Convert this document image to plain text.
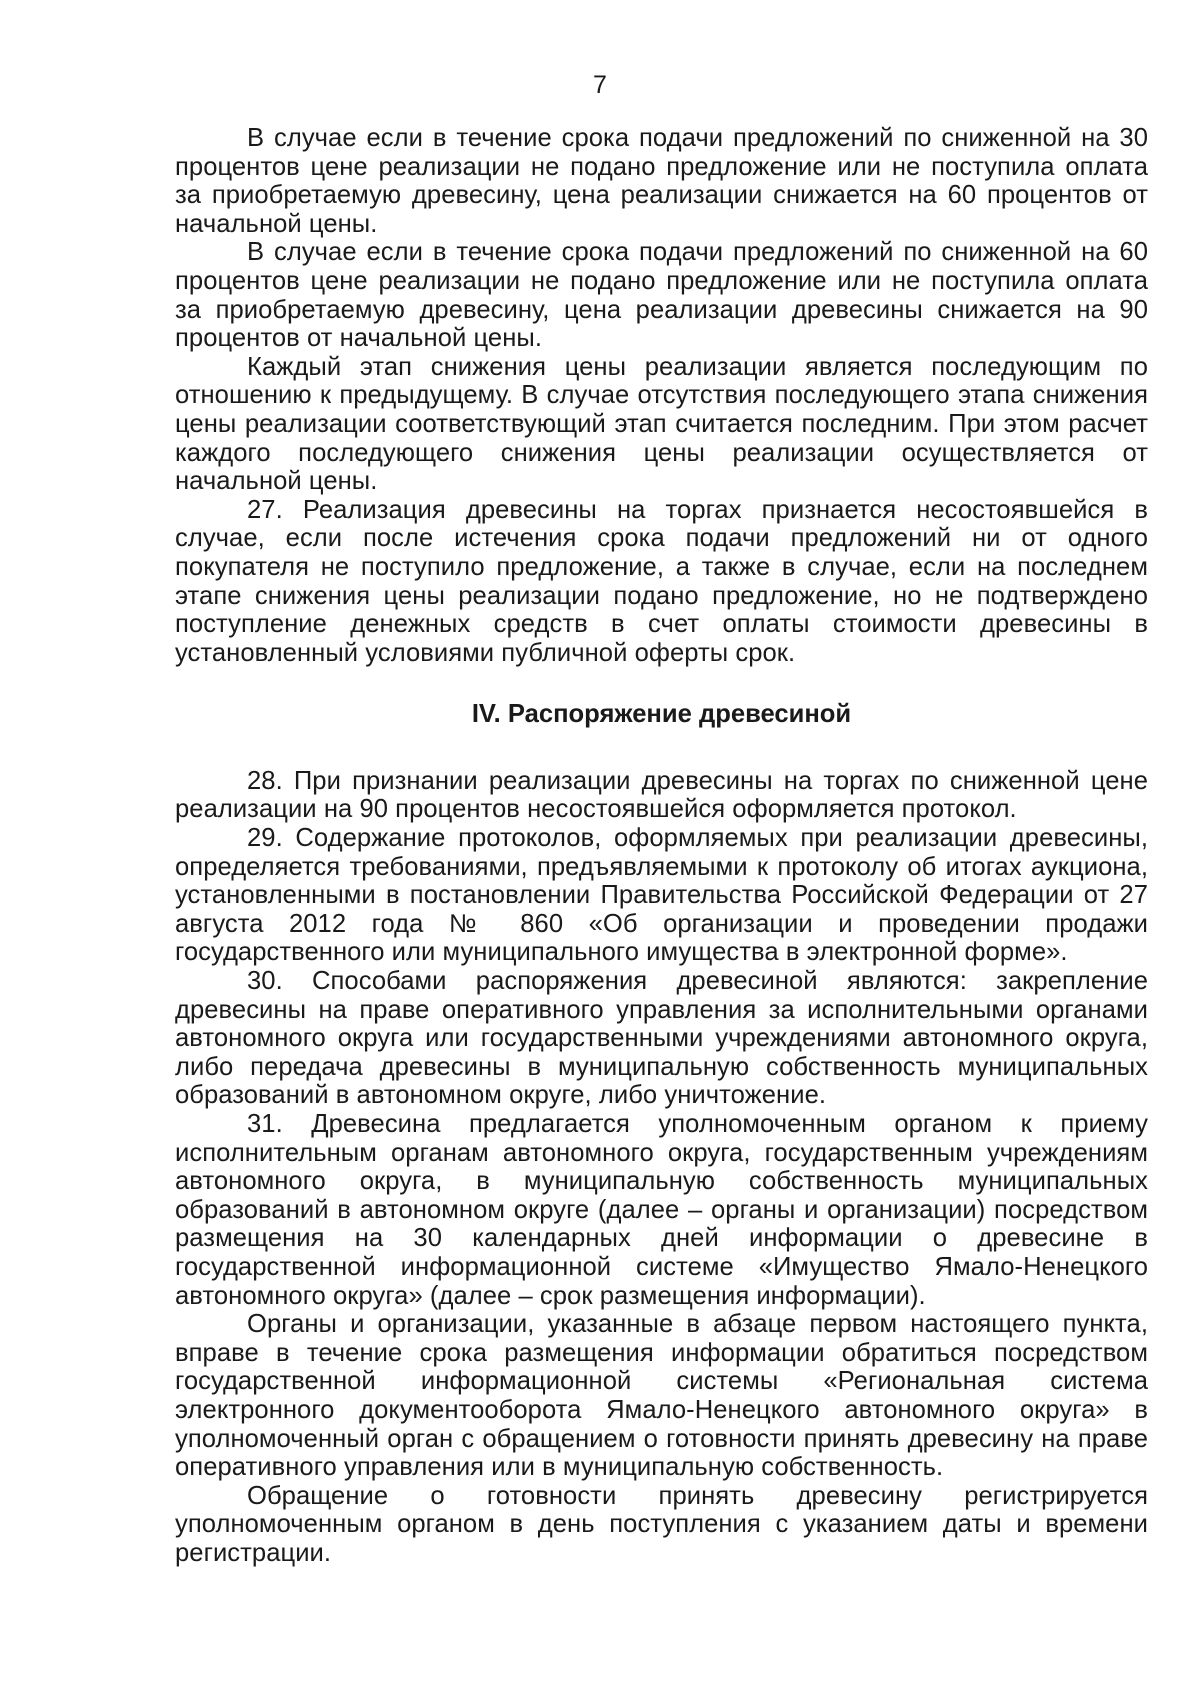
7

В случае если в течение срока подачи предложений по сниженной на 30 процентов цене реализации не подано предложение или не поступила оплата за приобретаемую древесину, цена реализации снижается на 60 процентов от начальной цены.

В случае если в течение срока подачи предложений по сниженной на 60 процентов цене реализации не подано предложение или не поступила оплата за приобретаемую древесину, цена реализации древесины снижается на 90 процентов от начальной цены.

Каждый этап снижения цены реализации является последующим по отношению к предыдущему. В случае отсутствия последующего этапа снижения цены реализации соответствующий этап считается последним. При этом расчет каждого последующего снижения цены реализации осуществляется от начальной цены.

27. Реализация древесины на торгах признается несостоявшейся в случае, если после истечения срока подачи предложений ни от одного покупателя не поступило предложение, а также в случае, если на последнем этапе снижения цены реализации подано предложение, но не подтверждено поступление денежных средств в счет оплаты стоимости древесины в установленный условиями публичной оферты срок.

IV. Распоряжение древесиной

28. При признании реализации древесины на торгах по сниженной цене реализации на 90 процентов несостоявшейся оформляется протокол.

29. Содержание протоколов, оформляемых при реализации древесины, определяется требованиями, предъявляемыми к протоколу об итогах аукциона, установленными в постановлении Правительства Российской Федерации от 27 августа 2012 года № 860 «Об организации и проведении продажи государственного или муниципального имущества в электронной форме».

30. Способами распоряжения древесиной являются: закрепление древесины на праве оперативного управления за исполнительными органами автономного округа или государственными учреждениями автономного округа, либо передача древесины в муниципальную собственность муниципальных образований в автономном округе, либо уничтожение.

31. Древесина предлагается уполномоченным органом к приему исполнительным органам автономного округа, государственным учреждениям автономного округа, в муниципальную собственность муниципальных образований в автономном округе (далее – органы и организации) посредством размещения на 30 календарных дней информации о древесине в государственной информационной системе «Имущество Ямало-Ненецкого автономного округа» (далее – срок размещения информации).

Органы и организации, указанные в абзаце первом настоящего пункта, вправе в течение срока размещения информации обратиться посредством государственной информационной системы «Региональная система электронного документооборота Ямало-Ненецкого автономного округа» в уполномоченный орган с обращением о готовности принять древесину на праве оперативного управления или в муниципальную собственность.

Обращение о готовности принять древесину регистрируется уполномоченным органом в день поступления с указанием даты и времени регистрации.
